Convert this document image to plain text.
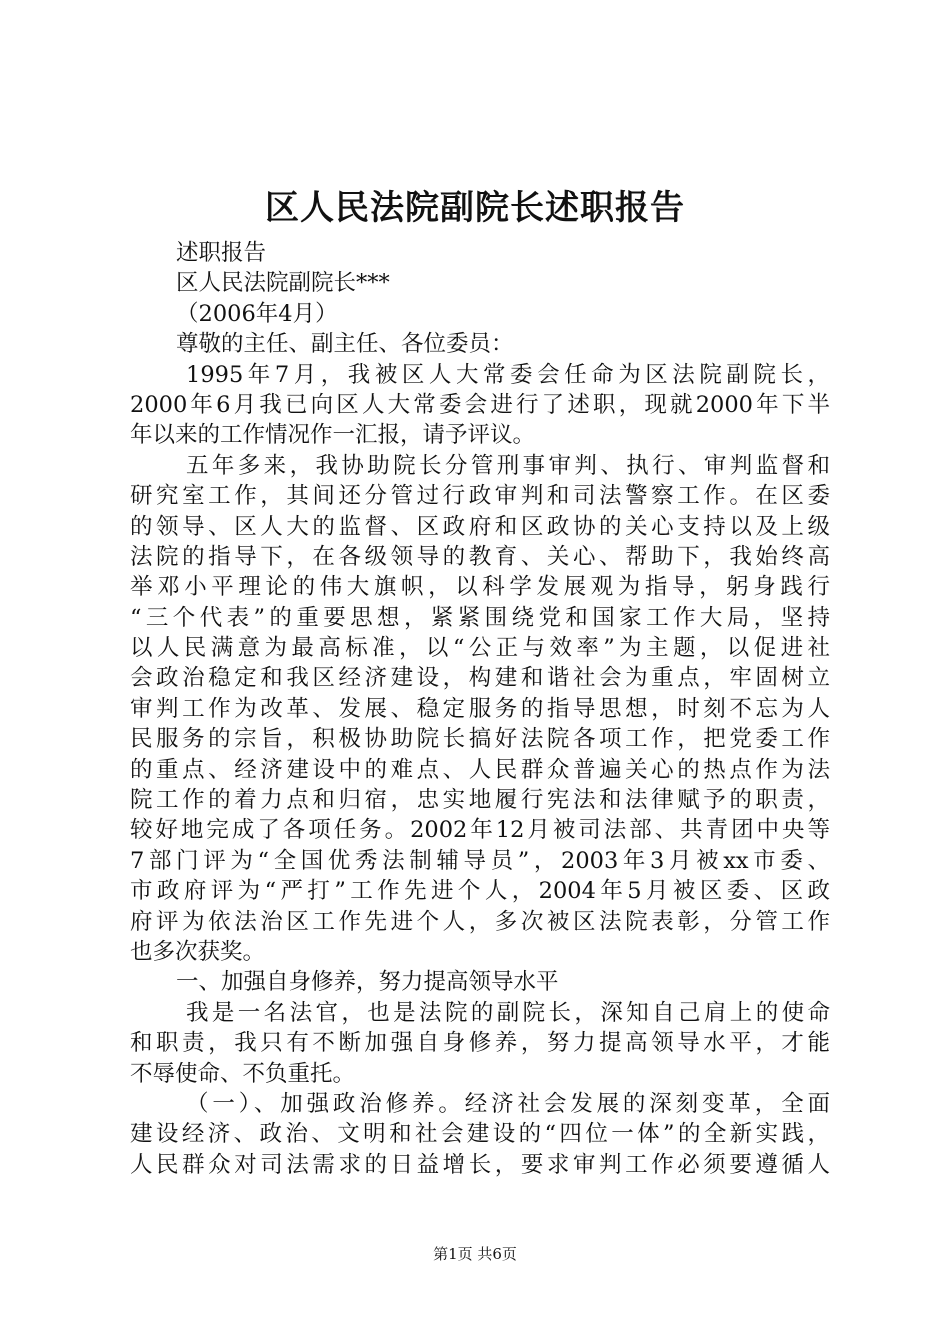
区人民法院副院长述职报告
述职报告
区人民法院副院长***
（2006年4月）
尊敬的主任、副主任、各位委员：
1995年7月，我被区人大常委会任命为区法院副院长，
2000年6月我已向区人大常委会进行了述职，现就2000年下半
年以来的工作情况作一汇报，请予评议。
五年多来，我协助院长分管刑事审判、执行、审判监督和
研究室工作，其间还分管过行政审判和司法警察工作。在区委
的领导、区人大的监督、区政府和区政协的关心支持以及上级
法院的指导下，在各级领导的教育、关心、帮助下，我始终高
举邓小平理论的伟大旗帜，以科学发展观为指导，躬身践行
“三个代表”的重要思想，紧紧围绕党和国家工作大局，坚持
以人民满意为最高标准，以“公正与效率”为主题，以促进社
会政治稳定和我区经济建设，构建和谐社会为重点，牢固树立
审判工作为改革、发展、稳定服务的指导思想，时刻不忘为人
民服务的宗旨，积极协助院长搞好法院各项工作，把党委工作
的重点、经济建设中的难点、人民群众普遍关心的热点作为法
院工作的着力点和归宿，忠实地履行宪法和法律赋予的职责，
较好地完成了各项任务。2002年12月被司法部、共青团中央等
7部门评为“全国优秀法制辅导员”，2003年3月被xx市委、
市政府评为“严打”工作先进个人，2004年5月被区委、区政
府评为依法治区工作先进个人，多次被区法院表彰，分管工作
也多次获奖。
一、加强自身修养，努力提高领导水平
我是一名法官，也是法院的副院长，深知自己肩上的使命
和职责，我只有不断加强自身修养，努力提高领导水平，才能
不辱使命、不负重托。
（一）、加强政治修养。经济社会发展的深刻变革，全面
建设经济、政治、文明和社会建设的“四位一体”的全新实践，
人民群众对司法需求的日益增长，要求审判工作必须要遵循人
第1页 共6页
